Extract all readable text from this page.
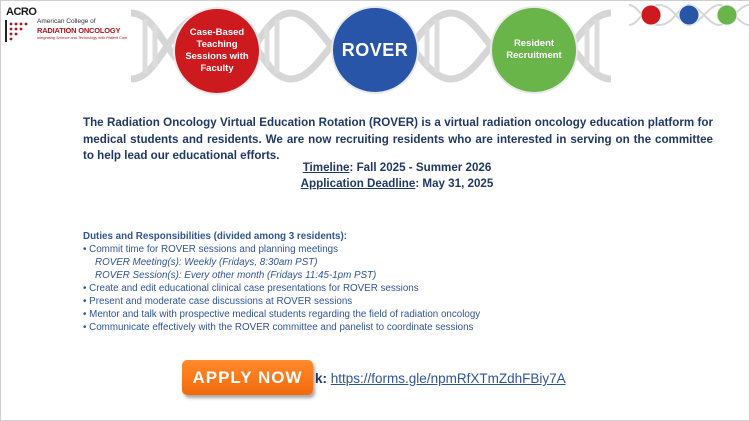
ACRO
American College of
RADIATION ONCOLOGY
Integrating Science and Technology with Patient Care	Case-Based Teaching Sessions with Faculty
ROVER	Resident Recruitment
The Radiation Oncology Virtual Education Rotation (ROVER) is a virtual radiation oncology education platform for medical students and residents. We are now recruiting residents who are interested in serving on the committee to help lead our educational efforts.
Timeline: Fall 2025 - Summer 2026
Application Deadline: May 31, 2025
Duties and Responsibilities (divided among 3 residents):
• Commit time for ROVER sessions and planning meetings
ROVER Meeting(s): Weekly (Fridays, 8:30am PST)
ROVER Session(s): Every other month (Fridays 11:45-1pm PST)
• Create and edit educational clinical case presentations for ROVER sessions
• Present and moderate case discussions at ROVER sessions
• Mentor and talk with prospective medical students regarding the field of radiation oncology
• Communicate effectively with the ROVER committee and panelist to coordinate sessions
APPLY NOW k: https://forms.gle/npmRfXTmZdhFBiy7A
